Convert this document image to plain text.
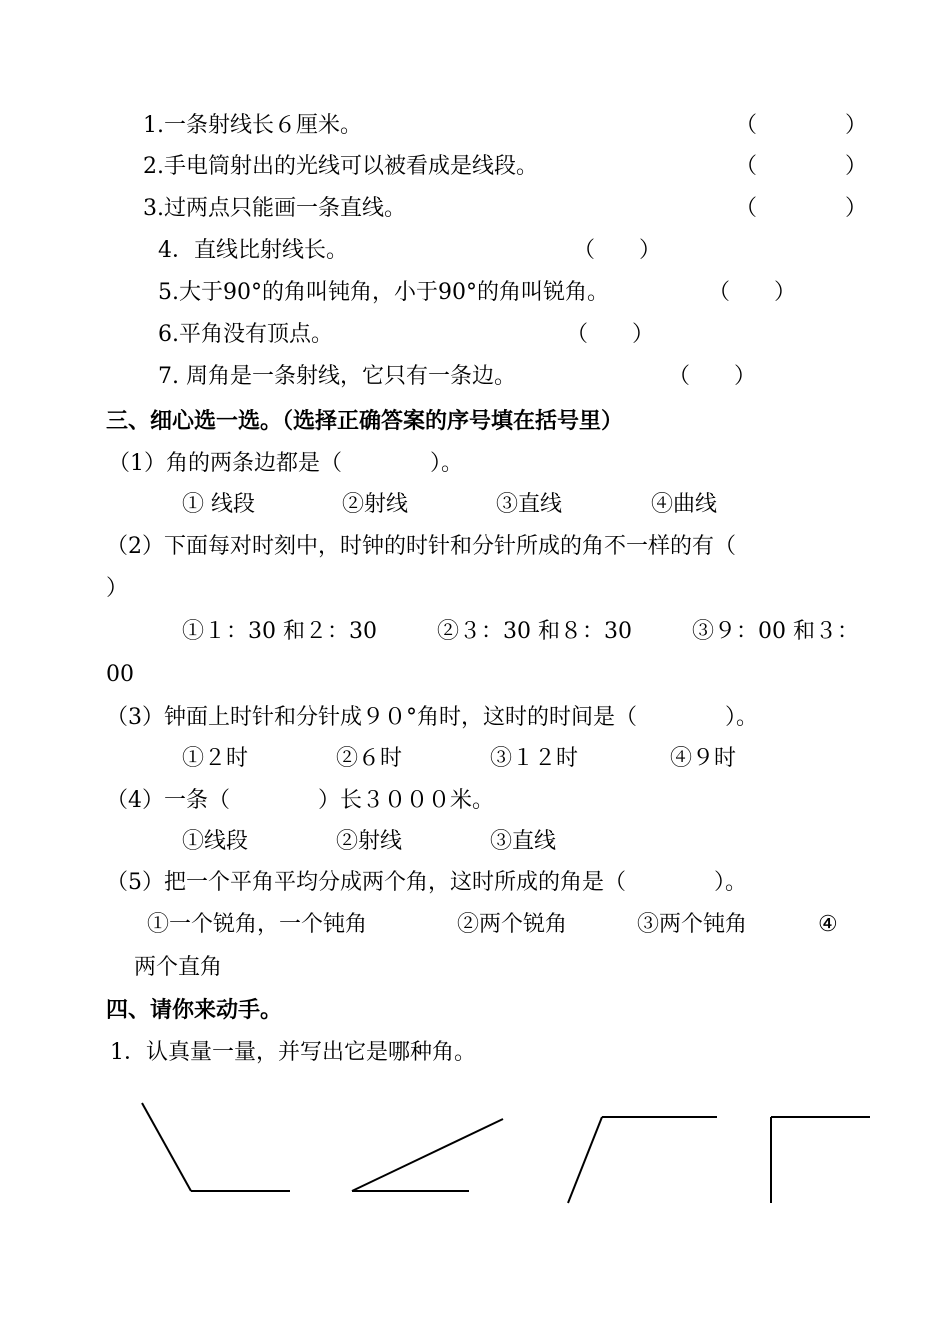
1.一条射线长６厘米。	（　　　　）
2.手电筒射出的光线可以被看成是线段。	（　　　　）
3.过两点只能画一条直线。	（　　　　）
4．直线比射线长。	（　　）
5.大于90°的角叫钝角，小于90°的角叫锐角。	（　　）
6.平角没有顶点。	（　　）
7. 周角是一条射线，它只有一条边。	（　　）
三、细心选一选。（选择正确答案的序号填在括号里）
（1）角的两条边都是（　　　　）。
① 线段	②射线	③直线	④曲线
（2）下面每对时刻中，时钟的时针和分针所成的角不一样的有（
）
①１：30 和２：30	②３：30 和８：30	③９：00 和３：
00
（3）钟面上时针和分针成９０°角时，这时的时间是（　　　　）。
①２时	②６时	③１２时	④９时
（4）一条（　　　　）长３０００米。
①线段	②射线	③直线
（5）把一个平角平均分成两个角，这时所成的角是（　　　　）。
①一个锐角，一个钝角	②两个锐角	③两个钝角	④
两个直角
四、请你来动手。
1．认真量一量，并写出它是哪种角。
